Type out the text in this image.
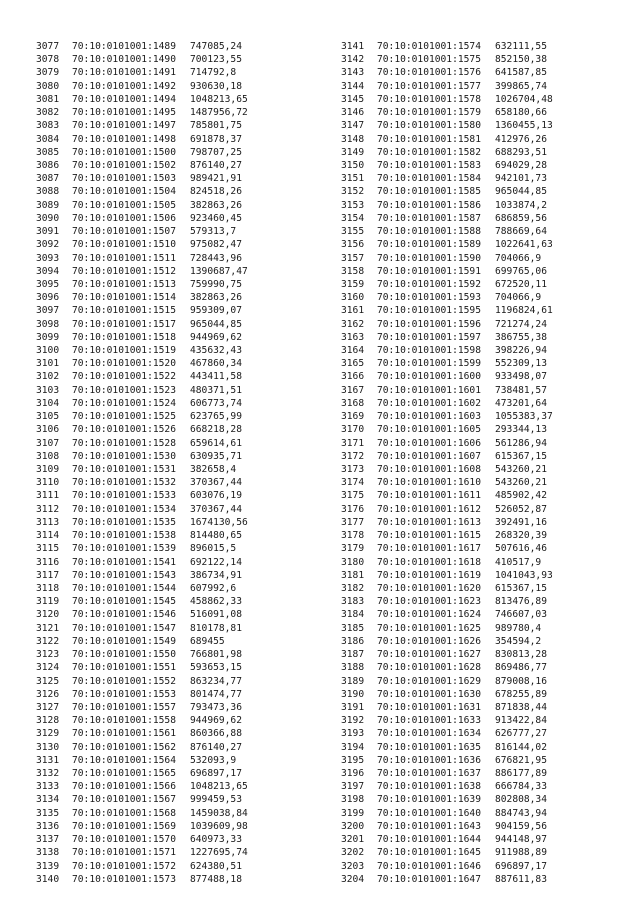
3077 70:10:0101001:1489 747085,24
3078 70:10:0101001:1490 700123,55
3079 70:10:0101001:1491 714792,8
3080 70:10:0101001:1492 930630,18
3081 70:10:0101001:1494 1048213,65
3082 70:10:0101001:1495 1487956,72
3083 70:10:0101001:1497 785801,75
3084 70:10:0101001:1498 691878,37
3085 70:10:0101001:1500 798707,25
3086 70:10:0101001:1502 876140,27
3087 70:10:0101001:1503 989421,91
3088 70:10:0101001:1504 824518,26
3089 70:10:0101001:1505 382863,26
3090 70:10:0101001:1506 923460,45
3091 70:10:0101001:1507 579313,7
3092 70:10:0101001:1510 975082,47
3093 70:10:0101001:1511 728443,96
3094 70:10:0101001:1512 1390687,47
3095 70:10:0101001:1513 759990,75
3096 70:10:0101001:1514 382863,26
3097 70:10:0101001:1515 959309,07
3098 70:10:0101001:1517 965044,85
3099 70:10:0101001:1518 944969,62
3100 70:10:0101001:1519 435632,43
3101 70:10:0101001:1520 467860,34
3102 70:10:0101001:1522 443411,58
3103 70:10:0101001:1523 480371,51
3104 70:10:0101001:1524 606773,74
3105 70:10:0101001:1525 623765,99
3106 70:10:0101001:1526 668218,28
3107 70:10:0101001:1528 659614,61
3108 70:10:0101001:1530 630935,71
3109 70:10:0101001:1531 382658,4
3110 70:10:0101001:1532 370367,44
3111 70:10:0101001:1533 603076,19
3112 70:10:0101001:1534 370367,44
3113 70:10:0101001:1535 1674130,56
3114 70:10:0101001:1538 814480,65
3115 70:10:0101001:1539 896015,5
3116 70:10:0101001:1541 692122,14
3117 70:10:0101001:1543 386734,91
3118 70:10:0101001:1544 607992,6
3119 70:10:0101001:1545 458862,33
3120 70:10:0101001:1546 516091,08
3121 70:10:0101001:1547 810178,81
3122 70:10:0101001:1549 689455
3123 70:10:0101001:1550 766801,98
3124 70:10:0101001:1551 593653,15
3125 70:10:0101001:1552 863234,77
3126 70:10:0101001:1553 801474,77
3127 70:10:0101001:1557 793473,36
3128 70:10:0101001:1558 944969,62
3129 70:10:0101001:1561 860366,88
3130 70:10:0101001:1562 876140,27
3131 70:10:0101001:1564 532093,9
3132 70:10:0101001:1565 696897,17
3133 70:10:0101001:1566 1048213,65
3134 70:10:0101001:1567 999459,53
3135 70:10:0101001:1568 1459038,84
3136 70:10:0101001:1569 1039609,98
3137 70:10:0101001:1570 640973,33
3138 70:10:0101001:1571 1227695,74
3139 70:10:0101001:1572 624380,51
3140 70:10:0101001:1573 877488,18
3141 70:10:0101001:1574 632111,55
3142 70:10:0101001:1575 852150,38
3143 70:10:0101001:1576 641587,85
3144 70:10:0101001:1577 399865,74
3145 70:10:0101001:1578 1026704,48
3146 70:10:0101001:1579 658180,66
3147 70:10:0101001:1580 1360455,13
3148 70:10:0101001:1581 412976,26
3149 70:10:0101001:1582 688293,51
3150 70:10:0101001:1583 694029,28
3151 70:10:0101001:1584 942101,73
3152 70:10:0101001:1585 965044,85
3153 70:10:0101001:1586 1033874,2
3154 70:10:0101001:1587 686859,56
3155 70:10:0101001:1588 788669,64
3156 70:10:0101001:1589 1022641,63
3157 70:10:0101001:1590 704066,9
3158 70:10:0101001:1591 699765,06
3159 70:10:0101001:1592 672520,11
3160 70:10:0101001:1593 704066,9
3161 70:10:0101001:1595 1196824,61
3162 70:10:0101001:1596 721274,24
3163 70:10:0101001:1597 386755,38
3164 70:10:0101001:1598 398226,94
3165 70:10:0101001:1599 552309,13
3166 70:10:0101001:1600 933498,07
3167 70:10:0101001:1601 738481,57
3168 70:10:0101001:1602 473201,64
3169 70:10:0101001:1603 1055383,37
3170 70:10:0101001:1605 293344,13
3171 70:10:0101001:1606 561286,94
3172 70:10:0101001:1607 615367,15
3173 70:10:0101001:1608 543260,21
3174 70:10:0101001:1610 543260,21
3175 70:10:0101001:1611 485902,42
3176 70:10:0101001:1612 526052,87
3177 70:10:0101001:1613 392491,16
3178 70:10:0101001:1615 268320,39
3179 70:10:0101001:1617 507616,46
3180 70:10:0101001:1618 410517,9
3181 70:10:0101001:1619 1041043,93
3182 70:10:0101001:1620 615367,15
3183 70:10:0101001:1623 813476,89
3184 70:10:0101001:1624 746607,03
3185 70:10:0101001:1625 989780,4
3186 70:10:0101001:1626 354594,2
3187 70:10:0101001:1627 830813,28
3188 70:10:0101001:1628 869486,77
3189 70:10:0101001:1629 879008,16
3190 70:10:0101001:1630 678255,89
3191 70:10:0101001:1631 871838,44
3192 70:10:0101001:1633 913422,84
3193 70:10:0101001:1634 626777,27
3194 70:10:0101001:1635 816144,02
3195 70:10:0101001:1636 676821,95
3196 70:10:0101001:1637 886177,89
3197 70:10:0101001:1638 666784,33
3198 70:10:0101001:1639 802808,34
3199 70:10:0101001:1640 884743,94
3200 70:10:0101001:1643 904159,56
3201 70:10:0101001:1644 944148,97
3202 70:10:0101001:1645 911988,89
3203 70:10:0101001:1646 696897,17
3204 70:10:0101001:1647 887611,83
